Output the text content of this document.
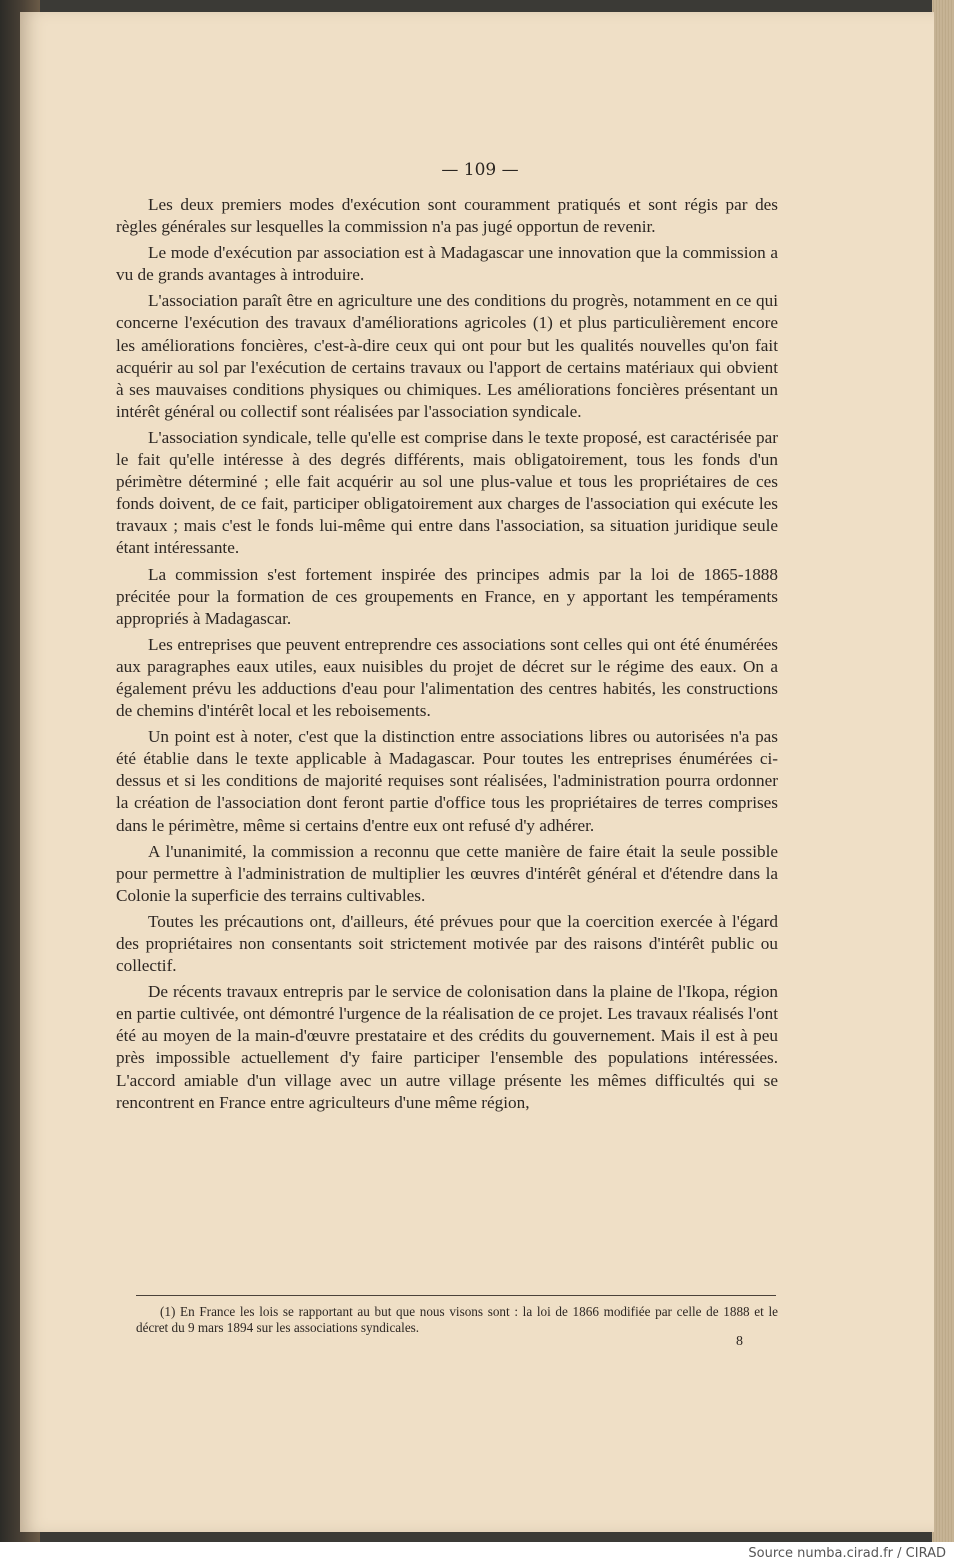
— 109 —

Les deux premiers modes d'exécution sont couramment pratiqués et sont régis par des règles générales sur lesquelles la commission n'a pas jugé opportun de revenir.

Le mode d'exécution par association est à Madagascar une innovation que la commission a vu de grands avantages à introduire.

L'association paraît être en agriculture une des conditions du progrès, notamment en ce qui concerne l'exécution des travaux d'améliorations agricoles (1) et plus particulièrement encore les améliorations foncières, c'est-à-dire ceux qui ont pour but les qualités nouvelles qu'on fait acquérir au sol par l'exécution de certains travaux ou l'apport de certains matériaux qui obvient à ses mauvaises conditions physiques ou chimiques. Les améliorations foncières présentant un intérêt général ou collectif sont réalisées par l'association syndicale.

L'association syndicale, telle qu'elle est comprise dans le texte proposé, est caractérisée par le fait qu'elle intéresse à des degrés différents, mais obligatoirement, tous les fonds d'un périmètre déterminé ; elle fait acquérir au sol une plus-value et tous les propriétaires de ces fonds doivent, de ce fait, participer obligatoirement aux charges de l'association qui exécute les travaux ; mais c'est le fonds lui-même qui entre dans l'association, sa situation juridique seule étant intéressante.

La commission s'est fortement inspirée des principes admis par la loi de 1865-1888 précitée pour la formation de ces groupements en France, en y apportant les tempéraments appropriés à Madagascar.

Les entreprises que peuvent entreprendre ces associations sont celles qui ont été énumérées aux paragraphes eaux utiles, eaux nuisibles du projet de décret sur le régime des eaux. On a également prévu les adductions d'eau pour l'alimentation des centres habités, les constructions de chemins d'intérêt local et les reboisements.

Un point est à noter, c'est que la distinction entre associations libres ou autorisées n'a pas été établie dans le texte applicable à Madagascar. Pour toutes les entreprises énumérées ci-dessus et si les conditions de majorité requises sont réalisées, l'administration pourra ordonner la création de l'association dont feront partie d'office tous les propriétaires de terres comprises dans le périmètre, même si certains d'entre eux ont refusé d'y adhérer.

A l'unanimité, la commission a reconnu que cette manière de faire était la seule possible pour permettre à l'administration de multiplier les œuvres d'intérêt général et d'étendre dans la Colonie la superficie des terrains cultivables.

Toutes les précautions ont, d'ailleurs, été prévues pour que la coercition exercée à l'égard des propriétaires non consentants soit strictement motivée par des raisons d'intérêt public ou collectif.

De récents travaux entrepris par le service de colonisation dans la plaine de l'Ikopa, région en partie cultivée, ont démontré l'urgence de la réalisation de ce projet. Les travaux réalisés l'ont été au moyen de la main-d'œuvre prestataire et des crédits du gouvernement. Mais il est à peu près impossible actuellement d'y faire participer l'ensemble des populations intéressées. L'accord amiable d'un village avec un autre village présente les mêmes difficultés qui se rencontrent en France entre agriculteurs d'une même région,

(1) En France les lois se rapportant au but que nous visons sont : la loi de 1866 modifiée par celle de 1888 et le décret du 9 mars 1894 sur les associations syndicales.
8
Source numba.cirad.fr / CIRAD
